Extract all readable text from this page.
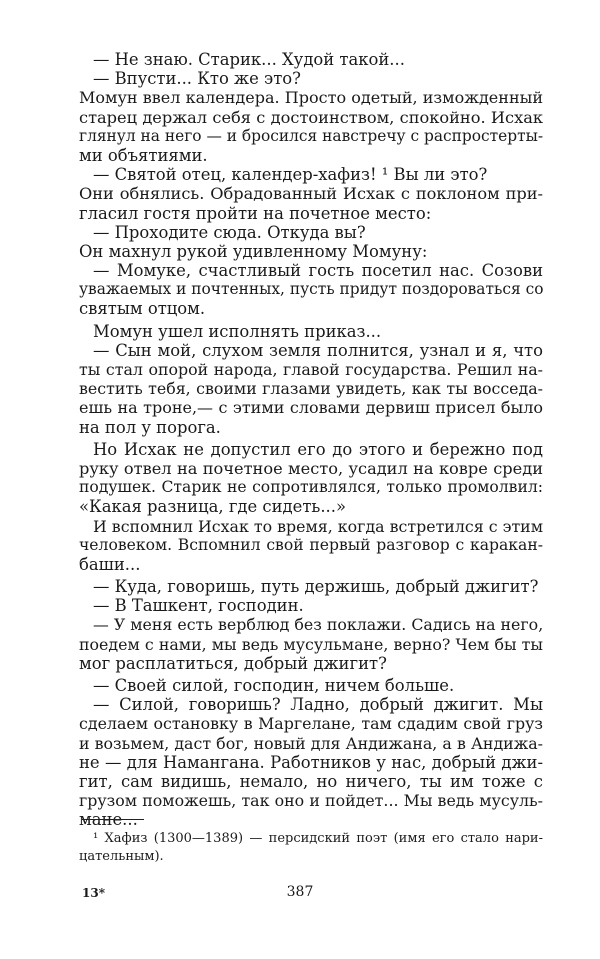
— Не знаю. Старик... Худой такой...
— Впусти... Кто же это?
Момун ввел календера. Просто одетый, изможденный
старец держал себя с достоинством, спокойно. Исхак
глянул на него — и бросился навстречу с распростерты-
ми объятиями.
— Святой отец, календер-хафиз! ¹ Вы ли это?
Они обнялись. Обрадованный Исхак с поклоном при-
гласил гостя пройти на почетное место:
— Проходите сюда. Откуда вы?
Он махнул рукой удивленному Момуну:
— Момуке, счастливый гость посетил нас. Созови
уважаемых и почтенных, пусть придут поздороваться со
святым отцом.
Момун ушел исполнять приказ...
— Сын мой, слухом земля полнится, узнал и я, что
ты стал опорой народа, главой государства. Решил на-
вестить тебя, своими глазами увидеть, как ты восседа-
ешь на троне,— с этими словами дервиш присел было
на пол у порога.
Но Исхак не допустил его до этого и бережно под
руку отвел на почетное место, усадил на ковре среди
подушек. Старик не сопротивлялся, только промолвил:
«Какая разница, где сидеть...»
И вспомнил Исхак то время, когда встретился с этим
человеком. Вспомнил свой первый разговор с каракан-
баши...
— Куда, говоришь, путь держишь, добрый джигит?
— В Ташкент, господин.
— У меня есть верблюд без поклажи. Садись на него,
поедем с нами, мы ведь мусульмане, верно? Чем бы ты
мог расплатиться, добрый джигит?
— Своей силой, господин, ничем больше.
— Силой, говоришь? Ладно, добрый джигит. Мы
сделаем остановку в Маргелане, там сдадим свой груз
и возьмем, даст бог, новый для Андижана, а в Андижа-
не — для Намангана. Работников у нас, добрый джи-
гит, сам видишь, немало, но ничего, ты им тоже с
грузом поможешь, так оно и пойдет... Мы ведь мусуль-
мане...
¹ Хафиз (1300—1389) — персидский поэт (имя его стало нари-
цательным).
13*	387
